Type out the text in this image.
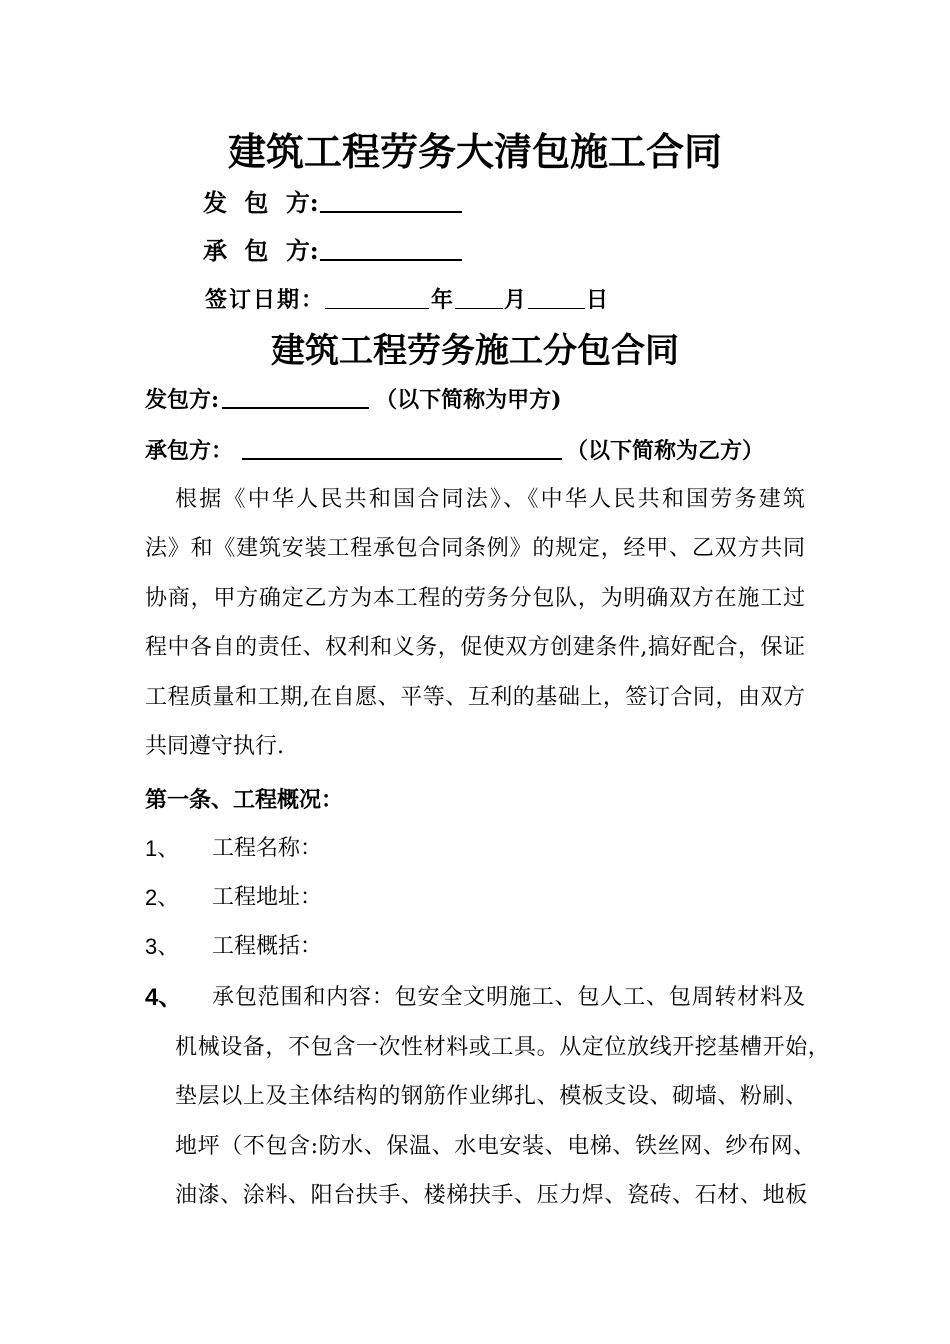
建筑工程劳务大清包施工合同
发 包 方:
承 包 方:
签订日期：	年 月	日
建筑工程劳务施工分包合同
发包方:	（以下简称为甲方)
承包方：	（以下简称为乙方）
根据《中华人民共和国合同法》、《中华人民共和国劳务建筑
法》和《建筑安装工程承包合同条例》的规定，经甲、乙双方共同
协商，甲方确定乙方为本工程的劳务分包队，为明确双方在施工过
程中各自的责任、权利和义务，促使双方创建条件,搞好配合，保证
工程质量和工期,在自愿、平等、互利的基础上，签订合同，由双方
共同遵守执行.
第一条、工程概况：
1、 工程名称：
2、 工程地址：
3、 工程概括：
4、 承包范围和内容：包安全文明施工、包人工、包周转材料及
机械设备，不包含一次性材料或工具。从定位放线开挖基槽开始，
垫层以上及主体结构的钢筋作业绑扎、模板支设、砌墙、粉刷、
地坪（不包含:防水、保温、水电安装、电梯、铁丝网、纱布网、
油漆、涂料、阳台扶手、楼梯扶手、压力焊、瓷砖、石材、地板
